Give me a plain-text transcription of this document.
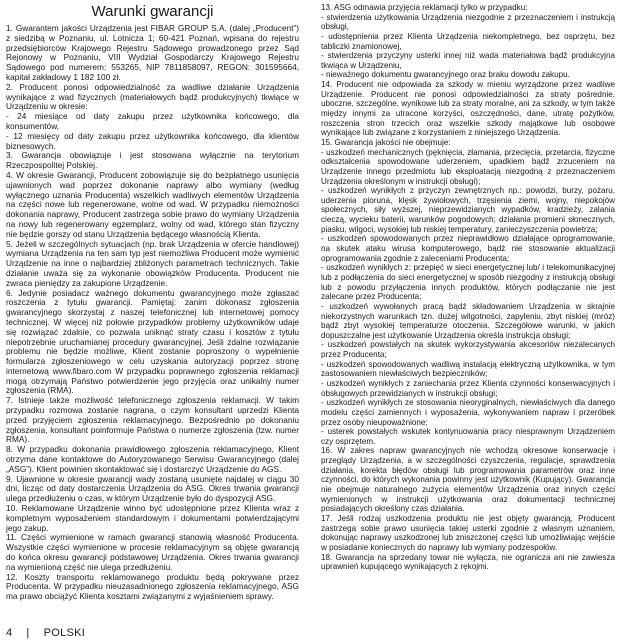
Warunki gwarancji

1. Gwarantem jakości Urządzenia jest FIBAR GROUP S.A. (dalej „Producent”) z siedzibą w Poznaniu, ul. Lotnicza 1; 60-421 Poznań, wpisana do rejestru przedsiębiorców Krajowego Rejestru Sądowego prowadzonego przez Sąd Rejonowy w Poznaniu, VIII Wydział Gospodarczy Krajowego Rejestru Sądowego pod numerem: 553265, NIP 7811858097, REGON: 301595664, kapitał zakładowy 1 182 100 zł.

2. Producent ponosi odpowiedzialność za wadliwe działanie Urządzenia wynikające z wad fizycznych (materiałowych bądź produkcyjnych) tkwiące w Urządzeniu w okresie:

- 24 miesiące od daty zakupu przez użytkownika końcowego, dla konsumentów,

- 12 miesięcy od daty zakupu przez użytkownika końcowego, dla klientów biznesowych.

3. Gwarancja obowiązuje i jest stosowana wyłącznie na terytorium Rzeczpospolitej Polskiej.

4. W okresie Gwarancji, Producent zobowiązuje się do bezpłatnego usunięcia ujawnionych wad poprzez dokonanie naprawy albo wymiany (według wyłącznego uznania Producenta) wszelkich wadliwych elementów Urządzenia na części nowe lub regenerowane, wolne od wad. W przypadku niemożności dokonania naprawy, Producent zastrzega sobie prawo do wymiany Urządzenia na nowy lub regenerowany egzemplarz, wolny od wad, którego stan fizyczny nie będzie gorszy od stanu Urządzenia będącego własnością Klienta.

5. Jeżeli w szczególnych sytuacjach (np. brak Urządzenia w ofercie handlowej) wymiana Urządzenia na ten sam typ jest niemożliwa Producent może wymienić Urządzenie na inne o najbardziej zbliżonych parametrach technicznych. Takie działanie uważa się za wykonanie obowiązków Producenta. Producent nie zwraca pieniędzy za zakupione Urządzenie.

6. Jedynie posiadacz ważnego dokumentu gwarancyjnego może zgłaszać roszczenia z tytułu gwarancji. Pamiętaj: zanim dokonasz zgłoszenia gwarancyjnego skorzystaj z naszej telefonicznej lub internetowej pomocy technicznej. W więcej niż połowie przypadków problemy użytkowników udaje się rozwiązać zdalnie, co pozwala uniknąć straty czasu i kosztów z tytułu niepotrzebnie uruchamianej procedury gwarancyjnej. Jeśli zdalne rozwiązanie problemu nie będzie możliwe, Klient zostanie poproszony o wypełnienie formularza zgłoszeniowego w celu uzyskania autoryzacji poprzez stronę internetową www.fibaro.com W przypadku poprawnego zgłoszenia reklamacji mogą otrzymają Państwo potwierdzenie jego przyjęcia oraz unikalny numer zgłoszenia (RMA).

7. Istnieje także możliwość telefonicznego zgłoszenia reklamacji. W takim przypadku rozmowa zostanie nagrana, o czym konsultant uprzedzi Klienta przed przyjęciem zgłoszenia reklamacyjnego. Bezpośrednio po dokonaniu zgłoszenia, konsultant poinformuje Państwa o numerze zgłoszenia (tzw. numer RMA).

8. W przypadku dokonania prawidłowego zgłoszenia reklamacyjnego, Klient otrzyma dane kontaktowe do Autoryzowanego Serwisu Gwarancyjnego (dalej „ASG”). Klient powinien skontaktować się i dostarczyć Urządzenie do AGS.

9. Ujawnione w okresie gwarancji wady zostaną usunięte najdalej w ciągu 30 dni, licząc od daty dostarczenia Urządzenia do ASG. Okres trwania gwarancji ulega przedłużeniu o czas, w którym Urządzenie było do dyspozycji ASG.

10. Reklamowane Urządzenie winno być udostępnione przez Klienta wraz z kompletnym wyposażeniem standardowym i dokumentami potwierdzającymi jego zakup.

11. Części wymienione w ramach gwarancji stanowią własność Producenta. Wszystkie części wymienione w procesie reklamacyjnym są objęte gwarancją do końca okresu gwarancji podstawowej Urządzenia. Okres trwania gwarancji na wymienioną część nie ulega przedłużeniu.

12. Koszty transportu reklamowanego produktu będą pokrywane przez Producenta. W przypadku nieuzasadnionego zgłoszenia reklamacyjnego, ASG ma prawo obciążyć Klienta kosztami związanymi z wyjaśnieniem sprawy.

13. ASG odmawia przyjęcia reklamacji tylko w przypadku:

- stwierdzenia użytkowania Urządzenia niezgodnie z przeznaczeniem i instrukcją obsługi,

- udostępnienia przez Klienta Urządzenia niekompletnego, bez osprzętu, bez tabliczki znamionowej,

- stwierdzenia przyczyny usterki innej niż wada materiałowa bądź produkcyjna tkwiąca w Urządzeniu,

- nieważnego dokumentu gwarancyjnego oraz braku dowodu zakupu.

14. Producent nie odpowiada za szkody w mieniu wyrządzone przez wadliwe Urządzenie. Producent nie ponosi odpowiedzialności za straty pośrednie, uboczne, szczególne, wynikowe lub za straty moralne, ani za szkody, w tym także między innymi za utracone korzyści, oszczędności, dane, utratę pożytków, roszczenia stron trzecich oraz wszelkie szkody majątkowe lub osobowe wynikające lub związane z korzystaniem z niniejszego Urządzenia.

15. Gwarancja jakości nie obejmuje:

- uszkodzeń mechanicznych (pęknięcia, złamania, przecięcia, przetarcia, fizyczne odkształcenia spowodowane uderzeniem, upadkiem bądź zrzuceniem na Urządzenie innego przedmiotu lub eksploatacją niezgodną z przeznaczeniem Urządzenia określonym w instrukcji obsługi);

- uszkodzeń wynikłych z przyczyn zewnętrznych np.: powodzi, burzy, pożaru, uderzenia pioruna, klęsk żywiołowych, trzęsienia ziemi, wojny, niepokojów społecznych, siły wyższej, nieprzewidzianych wypadków, kradzieży, zalania cieczą, wycieku baterii, warunków pogodowych; działania promieni słonecznych, piasku, wilgoci, wysokiej lub niskiej temperatury, zanieczyszczenia powietrza;

- uszkodzeń spowodowanych przez nieprawidłowo działające oprogramowanie, na skutek ataku wirusa komputerowego, bądź nie stosowanie aktualizacji oprogramowania zgodnie z zaleceniami Producenta;

- uszkodzeń wynikłych z: przepięć w sieci energetycznej lub/ i telekomunikacyjnej lub z podłączenia do sieci energetycznej w sposób niezgodny z instrukcją obsługi lub z powodu przyłączenia innych produktów, których podłączanie nie jest zalecane przez Producenta;

- uszkodzeń wywołanych pracą bądź składowaniem Urządzenia w skrajnie niekorzystnych warunkach tzn. dużej wilgotności, zapyleniu, zbyt niskiej (mróz) bądź zbyt wysokiej temperaturze otoczenia. Szczegółowe warunki, w jakich dopuszczalne jest użytkowanie Urządzenia określa instrukcja obsługi;

- uszkodzeń powstałych na skutek wykorzystywania akcesoriów niezalecanych przez Producenta;

- uszkodzeń spowodowanych wadliwą instalacją elektryczną użytkownika, w tym zastosowaniem niewłaściwych bezpieczników;

- uszkodzeń wynikłych z zaniechania przez Klienta czynności konserwacyjnych i obsługowych przewidzianych w instrukcji obsługi;

- uszkodzeń wynikłych ze stosowania nieoryginalnych, niewłaściwych dla danego modelu części zamiennych i wyposażenia, wykonywaniem napraw i przeróbek przez osoby nieupoważnione;

- usterek powstałych wskutek kontynuowania pracy niesprawnym Urządzeniem czy osprzętem.

16. W zakres napraw gwarancyjnych nie wchodzą okresowe konserwacje i przeglądy Urządzenia, a w szczególności czyszczenia, regulacje, sprawdzenia działania, korekta błędów obsługi lub programowania parametrów oraz inne czynności, do których wykonania powinny jest użytkownik (Kupujący). Gwarancja nie obejmuje naturalnego zużycia elementów Urządzenia oraz innych części wymienionych w instrukcji użytkowania oraz dokumentacji technicznej posiadających określony czas działania.

17. Jeśli rodzaj uszkodzenia produktu nie jest objęty gwarancją, Producent zastrzega sobie prawo usunięcia takiej usterki zgodnie z własnym uznaniem, dokonując naprawy uszkodzonej lub zniszczonej części lub umożliwiając wejście w posiadanie koniecznych do naprawy lub wymiany podzespołów.

18. Gwarancja na sprzedany towar nie wyłącza, nie ogranicza ani nie zawiesza uprawnień kupującego wynikających z rękojmi.

4 | POLSKI
